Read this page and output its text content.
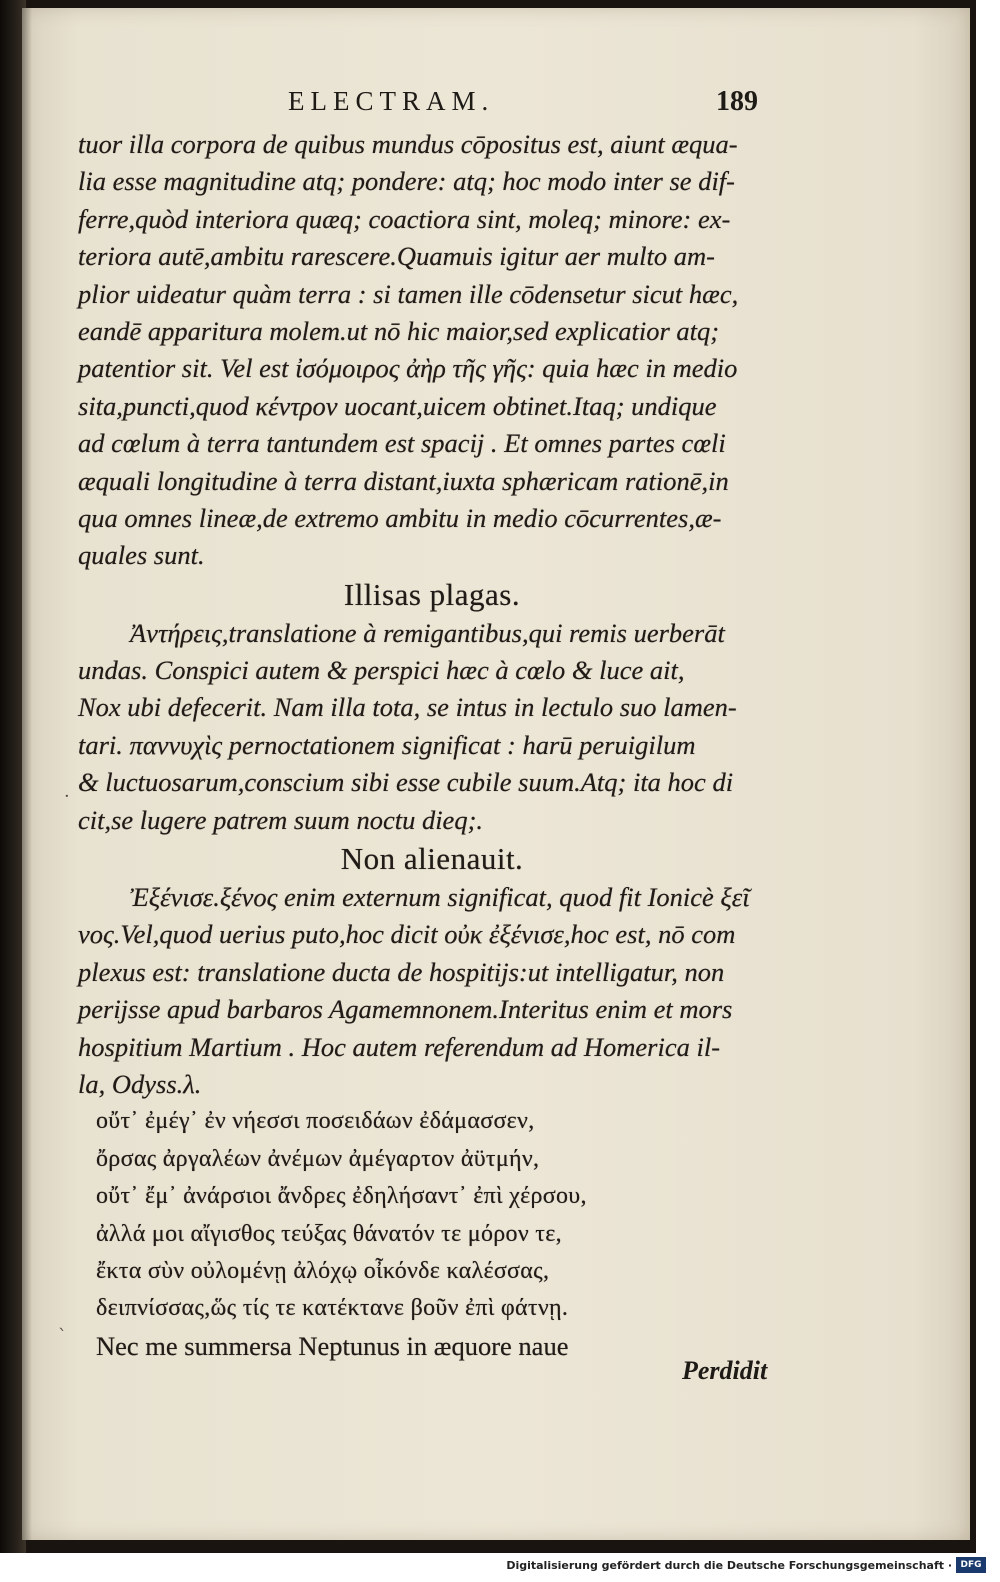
ELECTRAM.	189
tuor illa corpora de quibus mundus cōpositus est, aiunt æqua-
lia esse magnitudine atq; pondere: atq; hoc modo inter se dif-
ferre,quòd interiora quæq; coactiora sint, moleq; minore: ex-
teriora autē,ambitu rarescere.Quamuis igitur aer multo am-
plior uideatur quàm terra : si tamen ille cōdensetur sicut hæc,
eandē apparitura molem.ut nō hic maior,sed explicatior atq;
patentior sit. Vel est ἰσόμοιρος ἀὴρ τῆς γῆς: quia hæc in medio
sita,puncti,quod κέντρον uocant,uicem obtinet.Itaq; undique
ad cœlum à terra tantundem est spacij . Et omnes partes cœli
æquali longitudine à terra distant,iuxta sphæricam rationē,in
qua omnes lineæ,de extremo ambitu in medio cōcurrentes,æ-
quales sunt.
Illisas plagas.
Ἀντήρεις,translatione à remigantibus,qui remis uerberāt
undas. Conspici autem & perspici hæc à cœlo & luce ait,
Nox ubi defecerit. Nam illa tota, se intus in lectulo suo lamen-
tari. παννυχὶς pernoctationem significat : harū peruigilum
& luctuosarum,conscium sibi esse cubile suum.Atq; ita hoc di
cit,se lugere patrem suum noctu dieq;.
Non alienauit.
Ἐξένισε.ξένος enim externum significat, quod fit Ionicè ξεῖ
νος.Vel,quod uerius puto,hoc dicit οὐκ ἐξένισε,hoc est, nō com
plexus est: translatione ducta de hospitijs:ut intelligatur, non
perijsse apud barbaros Agamemnonem.Interitus enim et mors
hospitium Martium . Hoc autem referendum ad Homerica il-
la, Odyss.λ.
οὔτ᾽ ἐμέγ᾽ ἐν νήεσσι ποσειδάων ἐδάμασσεν,
ὄρσας ἀργαλέων ἀνέμων ἀμέγαρτον ἀϋτμήν,
οὔτ᾽ ἔμ᾽ ἀνάρσιοι ἄνδρες ἐδηλήσαντ᾽ ἐπὶ χέρσου,
ἀλλά μοι αἴγισθος τεύξας θάνατόν τε μόρον τε,
ἔκτα σὺν οὐλομένῃ ἀλόχῳ οἶκόνδε καλέσσας,
δειπνίσσας,ὥς τίς τε κατέκτανε βοῦν ἐπὶ φάτνῃ.
Nec me summersa Neptunus in æquore naue
Perdidit
·
ˋ
Digitalisierung gefördert durch die Deutsche Forschungsgemeinschaft · DFG
